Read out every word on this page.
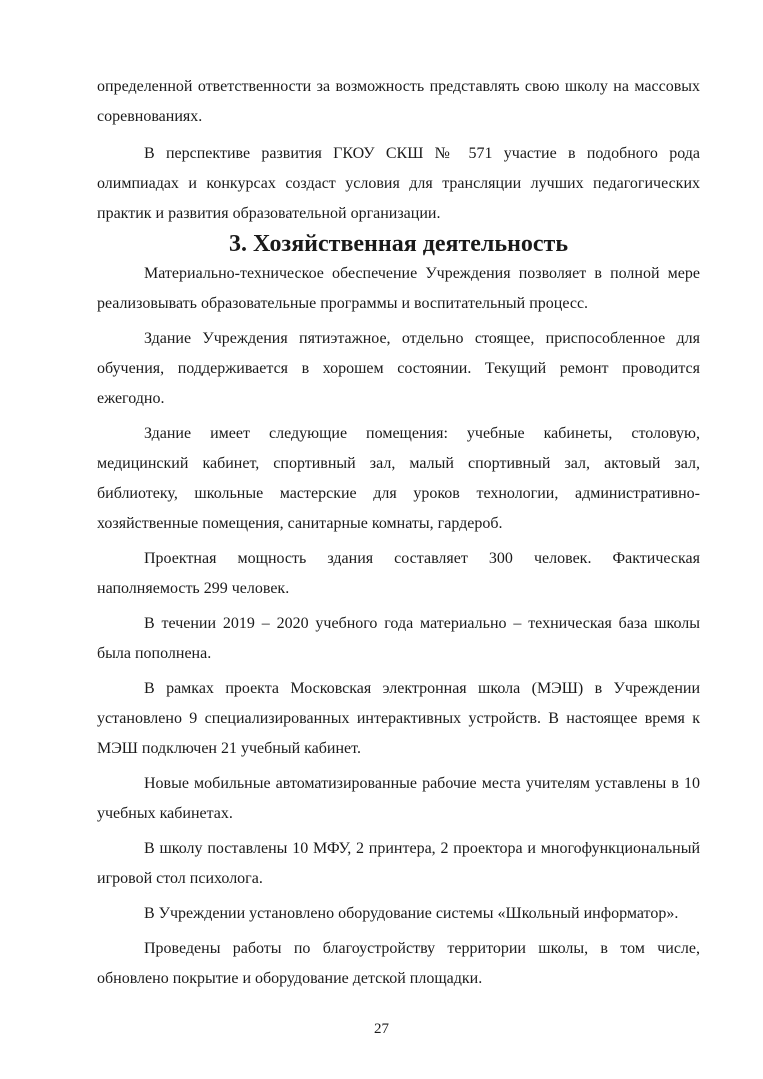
определенной ответственности за возможность представлять свою школу на массовых соревнованиях.

В перспективе развития ГКОУ СКШ № 571 участие в подобного рода олимпиадах и конкурсах создаст условия для трансляции лучших педагогических практик и развития образовательной организации.

3. Хозяйственная деятельность

Материально-техническое обеспечение Учреждения позволяет в полной мере реализовывать образовательные программы и воспитательный процесс.

Здание Учреждения пятиэтажное, отдельно стоящее, приспособленное для обучения, поддерживается в хорошем состоянии. Текущий ремонт проводится ежегодно.

Здание имеет следующие помещения: учебные кабинеты, столовую, медицинский кабинет, спортивный зал, малый спортивный зал, актовый зал, библиотеку, школьные мастерские для уроков технологии, административно-хозяйственные помещения, санитарные комнаты, гардероб.

Проектная мощность здания составляет 300 человек. Фактическая наполняемость 299 человек.

В течении 2019 – 2020 учебного года материально – техническая база школы была пополнена.

В рамках проекта Московская электронная школа (МЭШ) в Учреждении установлено 9 специализированных интерактивных устройств. В настоящее время к МЭШ подключен 21 учебный кабинет.

Новые мобильные автоматизированные рабочие места учителям уставлены в 10 учебных кабинетах.

В школу поставлены 10 МФУ, 2 принтера, 2 проектора и многофункциональный игровой стол психолога.

В Учреждении установлено оборудование системы «Школьный информатор».

Проведены работы по благоустройству территории школы, в том числе, обновлено покрытие и оборудование детской площадки.

27
